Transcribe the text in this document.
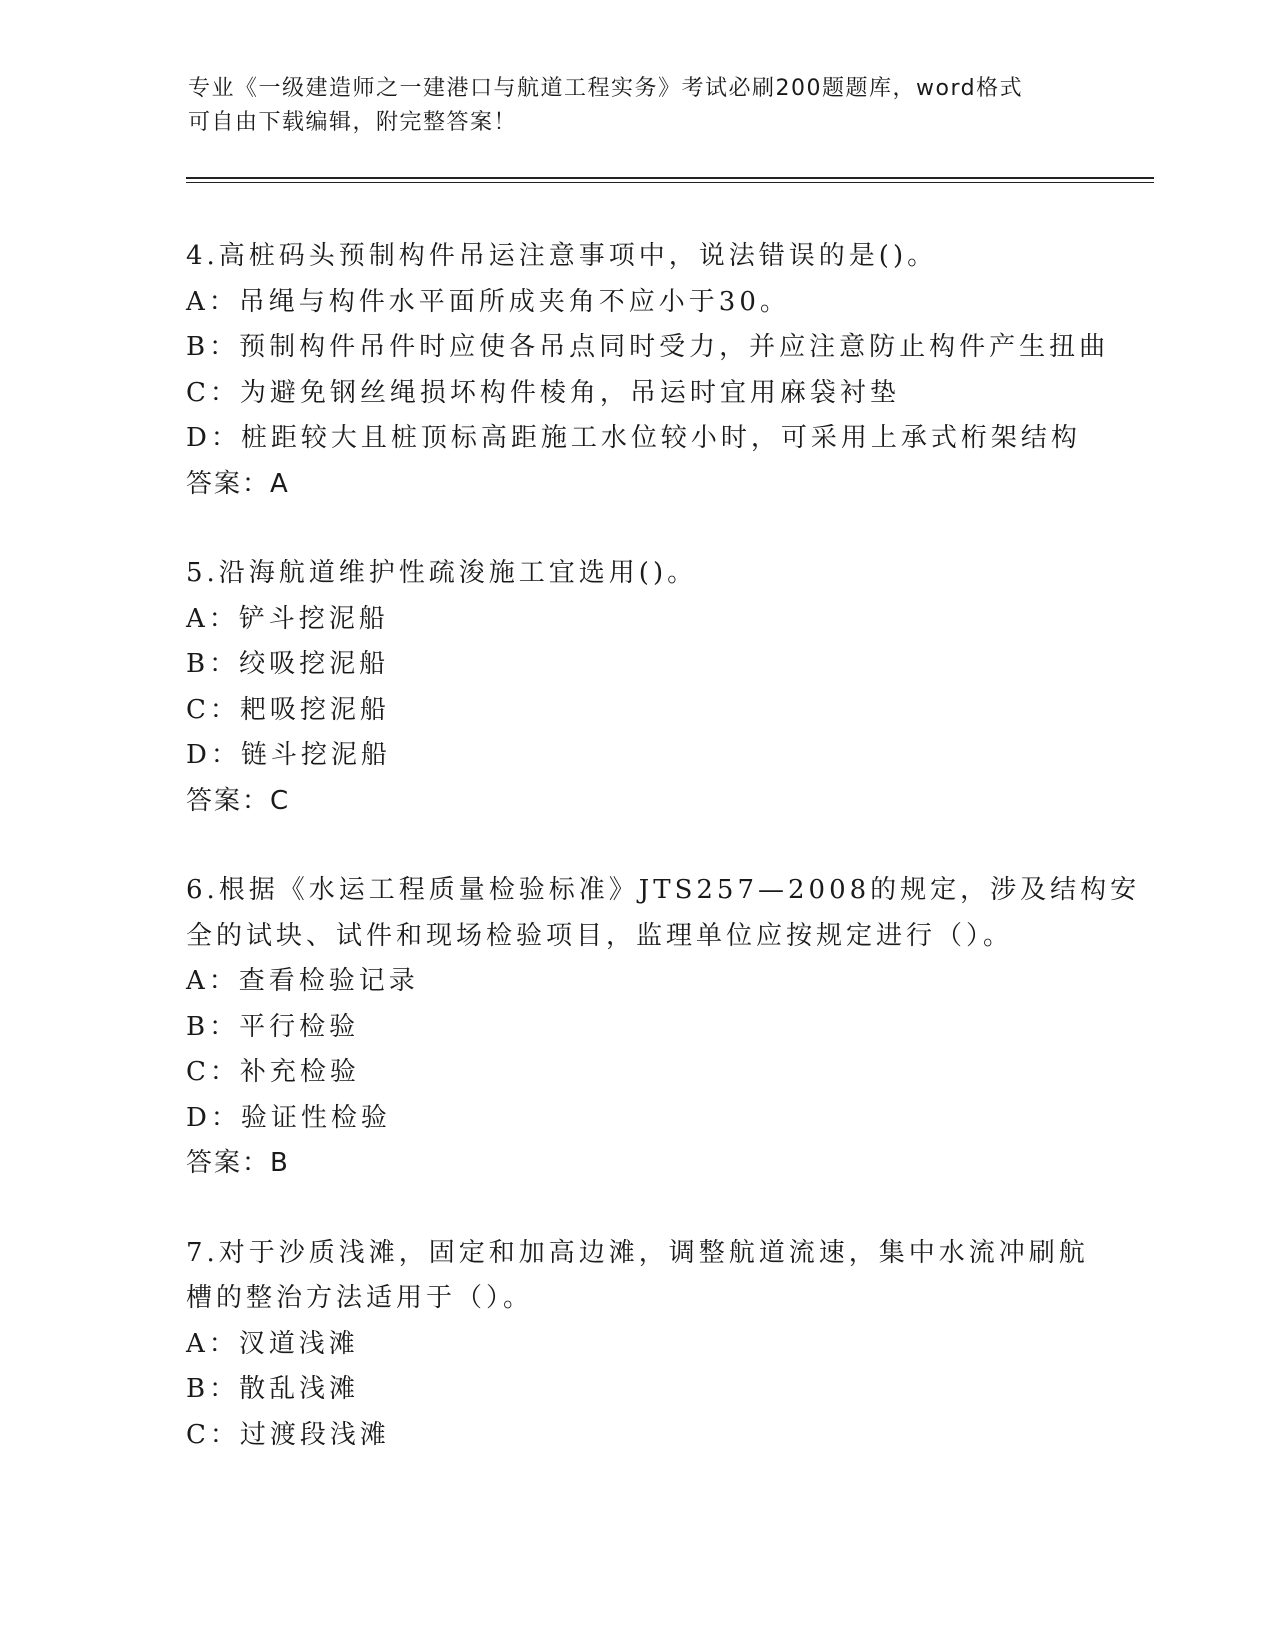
专业《一级建造师之一建港口与航道工程实务》考试必刷200题题库，word格式
可自由下载编辑，附完整答案！
4.高桩码头预制构件吊运注意事项中，说法错误的是()。
A：吊绳与构件水平面所成夹角不应小于30。
B：预制构件吊件时应使各吊点同时受力，并应注意防止构件产生扭曲
C：为避免钢丝绳损坏构件棱角，吊运时宜用麻袋衬垫
D：桩距较大且桩顶标高距施工水位较小时，可采用上承式桁架结构
答案：A
5.沿海航道维护性疏浚施工宜选用()。
A：铲斗挖泥船
B：绞吸挖泥船
C：耙吸挖泥船
D：链斗挖泥船
答案：C
6.根据《水运工程质量检验标准》JTS257—2008的规定，涉及结构安
全的试块、试件和现场检验项目，监理单位应按规定进行（）。
A：查看检验记录
B：平行检验
C：补充检验
D：验证性检验
答案：B
7.对于沙质浅滩，固定和加高边滩，调整航道流速，集中水流冲刷航
槽的整治方法适用于（）。
A：汊道浅滩
B：散乱浅滩
C：过渡段浅滩
